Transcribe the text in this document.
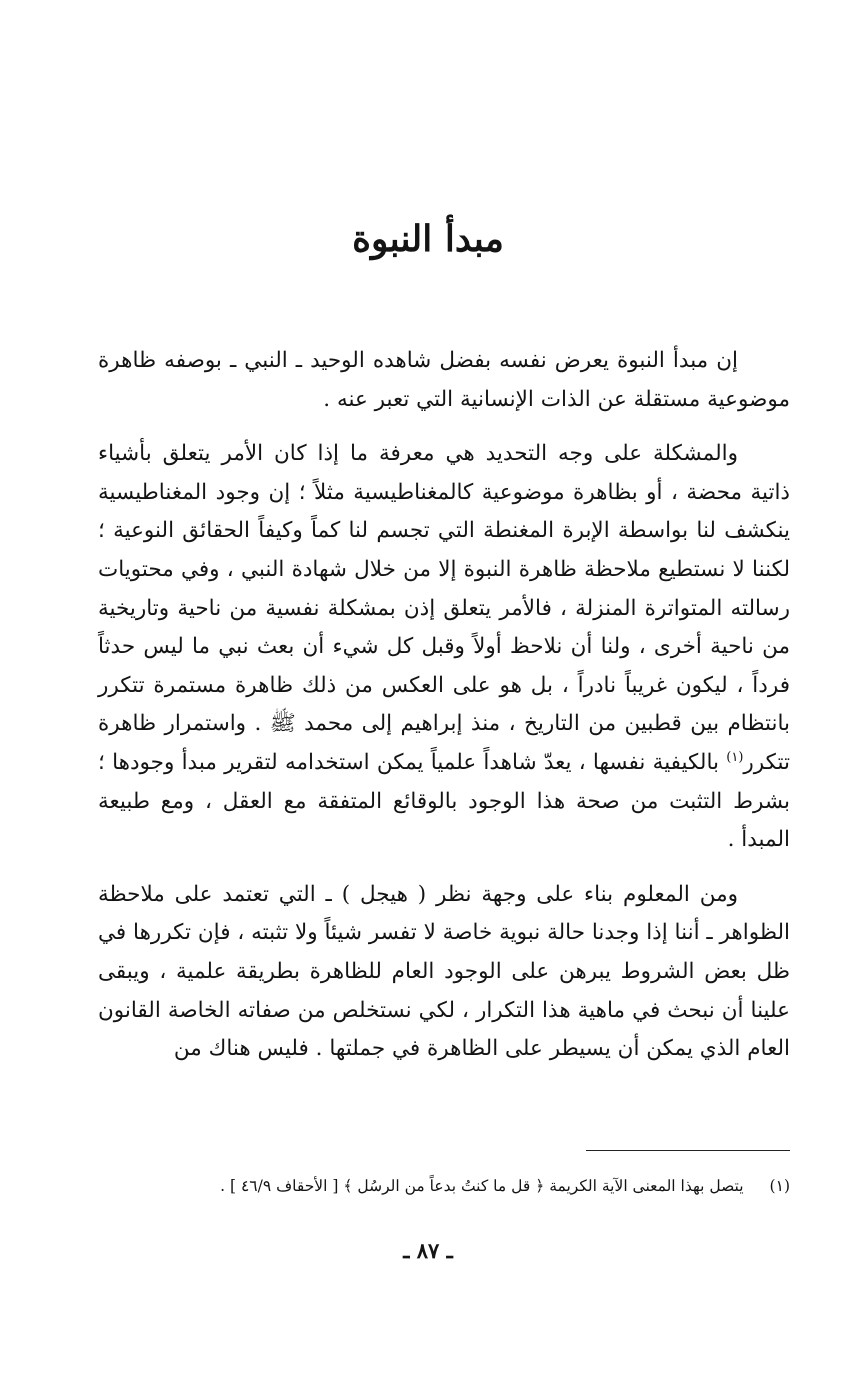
مبدأ النبوة

إن مبدأ النبوة يعرض نفسه بفضل شاهده الوحيد ـ النبي ـ بوصفه ظاهرة موضوعية مستقلة عن الذات الإنسانية التي تعبر عنه .

والمشكلة على وجه التحديد هي معرفة ما إذا كان الأمر يتعلق بأشياء ذاتية محضة ، أو بظاهرة موضوعية كالمغناطيسية مثلاً ؛ إن وجود المغناطيسية ينكشف لنا بواسطة الإبرة المغنطة التي تجسم لنا كماً وكيفاً الحقائق النوعية ؛ لكننا لا نستطيع ملاحظة ظاهرة النبوة إلا من خلال شهادة النبي ، وفي محتويات رسالته المتواترة المنزلة ، فالأمر يتعلق إذن بمشكلة نفسية من ناحية وتاريخية من ناحية أخرى ، ولنا أن نلاحظ أولاً وقبل كل شيء أن بعث نبي ما ليس حدثاً فرداً ، ليكون غريباً نادراً ، بل هو على العكس من ذلك ظاهرة مستمرة تتكرر بانتظام بين قطبين من التاريخ ، منذ إبراهيم إلى محمد ﷺ . واستمرار ظاهرة تتكرر$^{(١)}$ بالكيفية نفسها ، يعدّ شاهداً علمياً يمكن استخدامه لتقرير مبدأ وجودها ؛ بشرط التثبت من صحة هذا الوجود بالوقائع المتفقة مع العقل ، ومع طبيعة المبدأ .

ومن المعلوم بناء على وجهة نظر ( هيجل ) ـ التي تعتمد على ملاحظة الظواهر ـ أننا إذا وجدنا حالة نبوية خاصة لا تفسر شيئاً ولا تثبته ، فإن تكررها في ظل بعض الشروط يبرهن على الوجود العام للظاهرة بطريقة علمية ، ويبقى علينا أن نبحث في ماهية هذا التكرار ، لكي نستخلص من صفاته الخاصة القانون العام الذي يمكن أن يسيطر على الظاهرة في جملتها . فليس هناك من

(١)يتصل بهذا المعنى الآية الكريمة ﴿ قل ما كنتُ بدعاً من الرسُل ﴾ [ الأحقاف ٤٦/٩ ] .
ـ ٨٧ ـ
